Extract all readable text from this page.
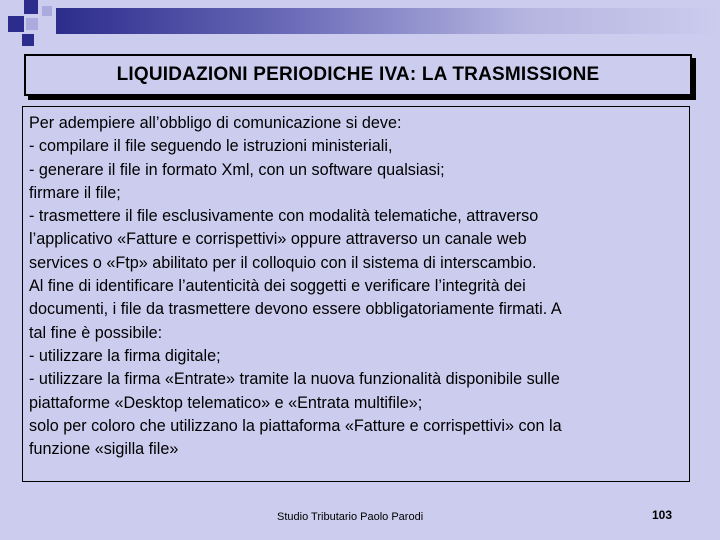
LIQUIDAZIONI PERIODICHE IVA: LA TRASMISSIONE
Per adempiere all’obbligo di comunicazione si deve:
- compilare il file seguendo le istruzioni ministeriali,
- generare il file in formato Xml, con un software qualsiasi;
firmare il file;
- trasmettere il file esclusivamente con modalità telematiche, attraverso
l’applicativo «Fatture e corrispettivi» oppure attraverso un canale web
services o «Ftp» abilitato per il colloquio con il sistema di interscambio.
Al fine di identificare l’autenticità dei soggetti e verificare l’integrità dei
documenti, i file da trasmettere devono essere obbligatoriamente firmati. A
tal fine è possibile:
- utilizzare la firma digitale;
- utilizzare la firma «Entrate» tramite la nuova funzionalità disponibile sulle
piattaforme «Desktop telematico» e «Entrata multifile»;
solo per coloro che utilizzano la piattaforma «Fatture e corrispettivi» con la
funzione «sigilla file»
Studio Tributario Paolo Parodi	103
